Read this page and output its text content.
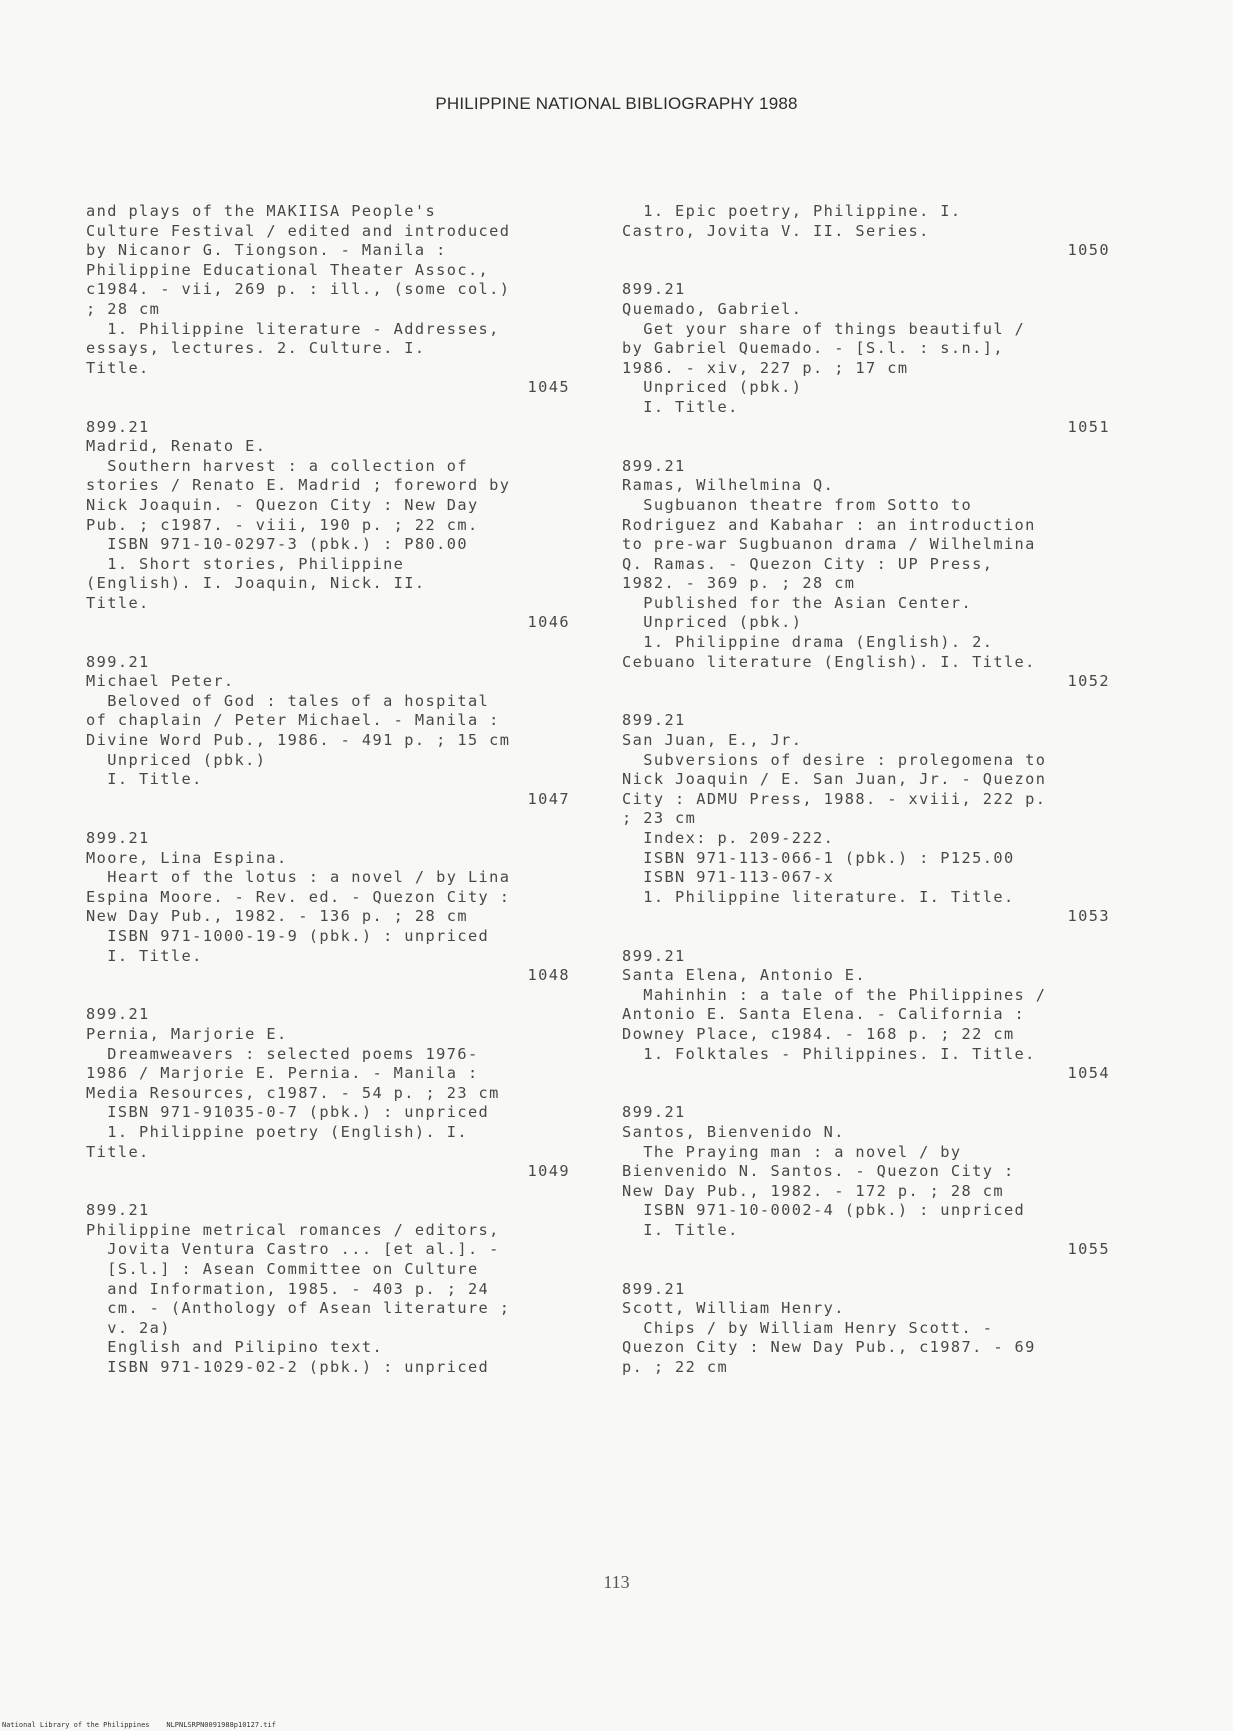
PHILIPPINE NATIONAL BIBLIOGRAPHY 1988
and plays of the MAKIISA People's
Culture Festival / edited and introduced
by Nicanor G. Tiongson. - Manila :
Philippine Educational Theater Assoc.,
c1984. - vii, 269 p. : ill., (some col.)
; 28 cm
1. Philippine literature - Addresses,
essays, lectures. 2. Culture. I.
Title.
1045
899.21
Madrid, Renato E.
Southern harvest : a collection of
stories / Renato E. Madrid ; foreword by
Nick Joaquin. - Quezon City : New Day
Pub. ; c1987. - viii, 190 p. ; 22 cm.
ISBN 971-10-0297-3 (pbk.) : P80.00
1. Short stories, Philippine
(English). I. Joaquin, Nick. II.
Title.
1046
899.21
Michael Peter.
Beloved of God : tales of a hospital
of chaplain / Peter Michael. - Manila :
Divine Word Pub., 1986. - 491 p. ; 15 cm
Unpriced (pbk.)
I. Title.
1047
899.21
Moore, Lina Espina.
Heart of the lotus : a novel / by Lina
Espina Moore. - Rev. ed. - Quezon City :
New Day Pub., 1982. - 136 p. ; 28 cm
ISBN 971-1000-19-9 (pbk.) : unpriced
I. Title.
1048
899.21
Pernia, Marjorie E.
Dreamweavers : selected poems 1976-
1986 / Marjorie E. Pernia. - Manila :
Media Resources, c1987. - 54 p. ; 23 cm
ISBN 971-91035-0-7 (pbk.) : unpriced
1. Philippine poetry (English). I.
Title.
1049
899.21
Philippine metrical romances / editors,
Jovita Ventura Castro ... [et al.]. -
[S.l.] : Asean Committee on Culture
and Information, 1985. - 403 p. ; 24
cm. - (Anthology of Asean literature ;
v. 2a)
English and Pilipino text.
ISBN 971-1029-02-2 (pbk.) : unpriced
1. Epic poetry, Philippine. I.
Castro, Jovita V. II. Series.
1050
899.21
Quemado, Gabriel.
Get your share of things beautiful /
by Gabriel Quemado. - [S.l. : s.n.],
1986. - xiv, 227 p. ; 17 cm
Unpriced (pbk.)
I. Title.
1051
899.21
Ramas, Wilhelmina Q.
Sugbuanon theatre from Sotto to
Rodriguez and Kabahar : an introduction
to pre-war Sugbuanon drama / Wilhelmina
Q. Ramas. - Quezon City : UP Press,
1982. - 369 p. ; 28 cm
Published for the Asian Center.
Unpriced (pbk.)
1. Philippine drama (English). 2.
Cebuano literature (English). I. Title.
1052
899.21
San Juan, E., Jr.
Subversions of desire : prolegomena to
Nick Joaquin / E. San Juan, Jr. - Quezon
City : ADMU Press, 1988. - xviii, 222 p.
; 23 cm
Index: p. 209-222.
ISBN 971-113-066-1 (pbk.) : P125.00
ISBN 971-113-067-x
1. Philippine literature. I. Title.
1053
899.21
Santa Elena, Antonio E.
Mahinhin : a tale of the Philippines /
Antonio E. Santa Elena. - California :
Downey Place, c1984. - 168 p. ; 22 cm
1. Folktales - Philippines. I. Title.
1054
899.21
Santos, Bienvenido N.
The Praying man : a novel / by
Bienvenido N. Santos. - Quezon City :
New Day Pub., 1982. - 172 p. ; 28 cm
ISBN 971-10-0002-4 (pbk.) : unpriced
I. Title.
1055
899.21
Scott, William Henry.
Chips / by William Henry Scott. -
Quezon City : New Day Pub., c1987. - 69
p. ; 22 cm
113
National Library of the Philippines    NLPNLSRPN0091988p10127.tif
